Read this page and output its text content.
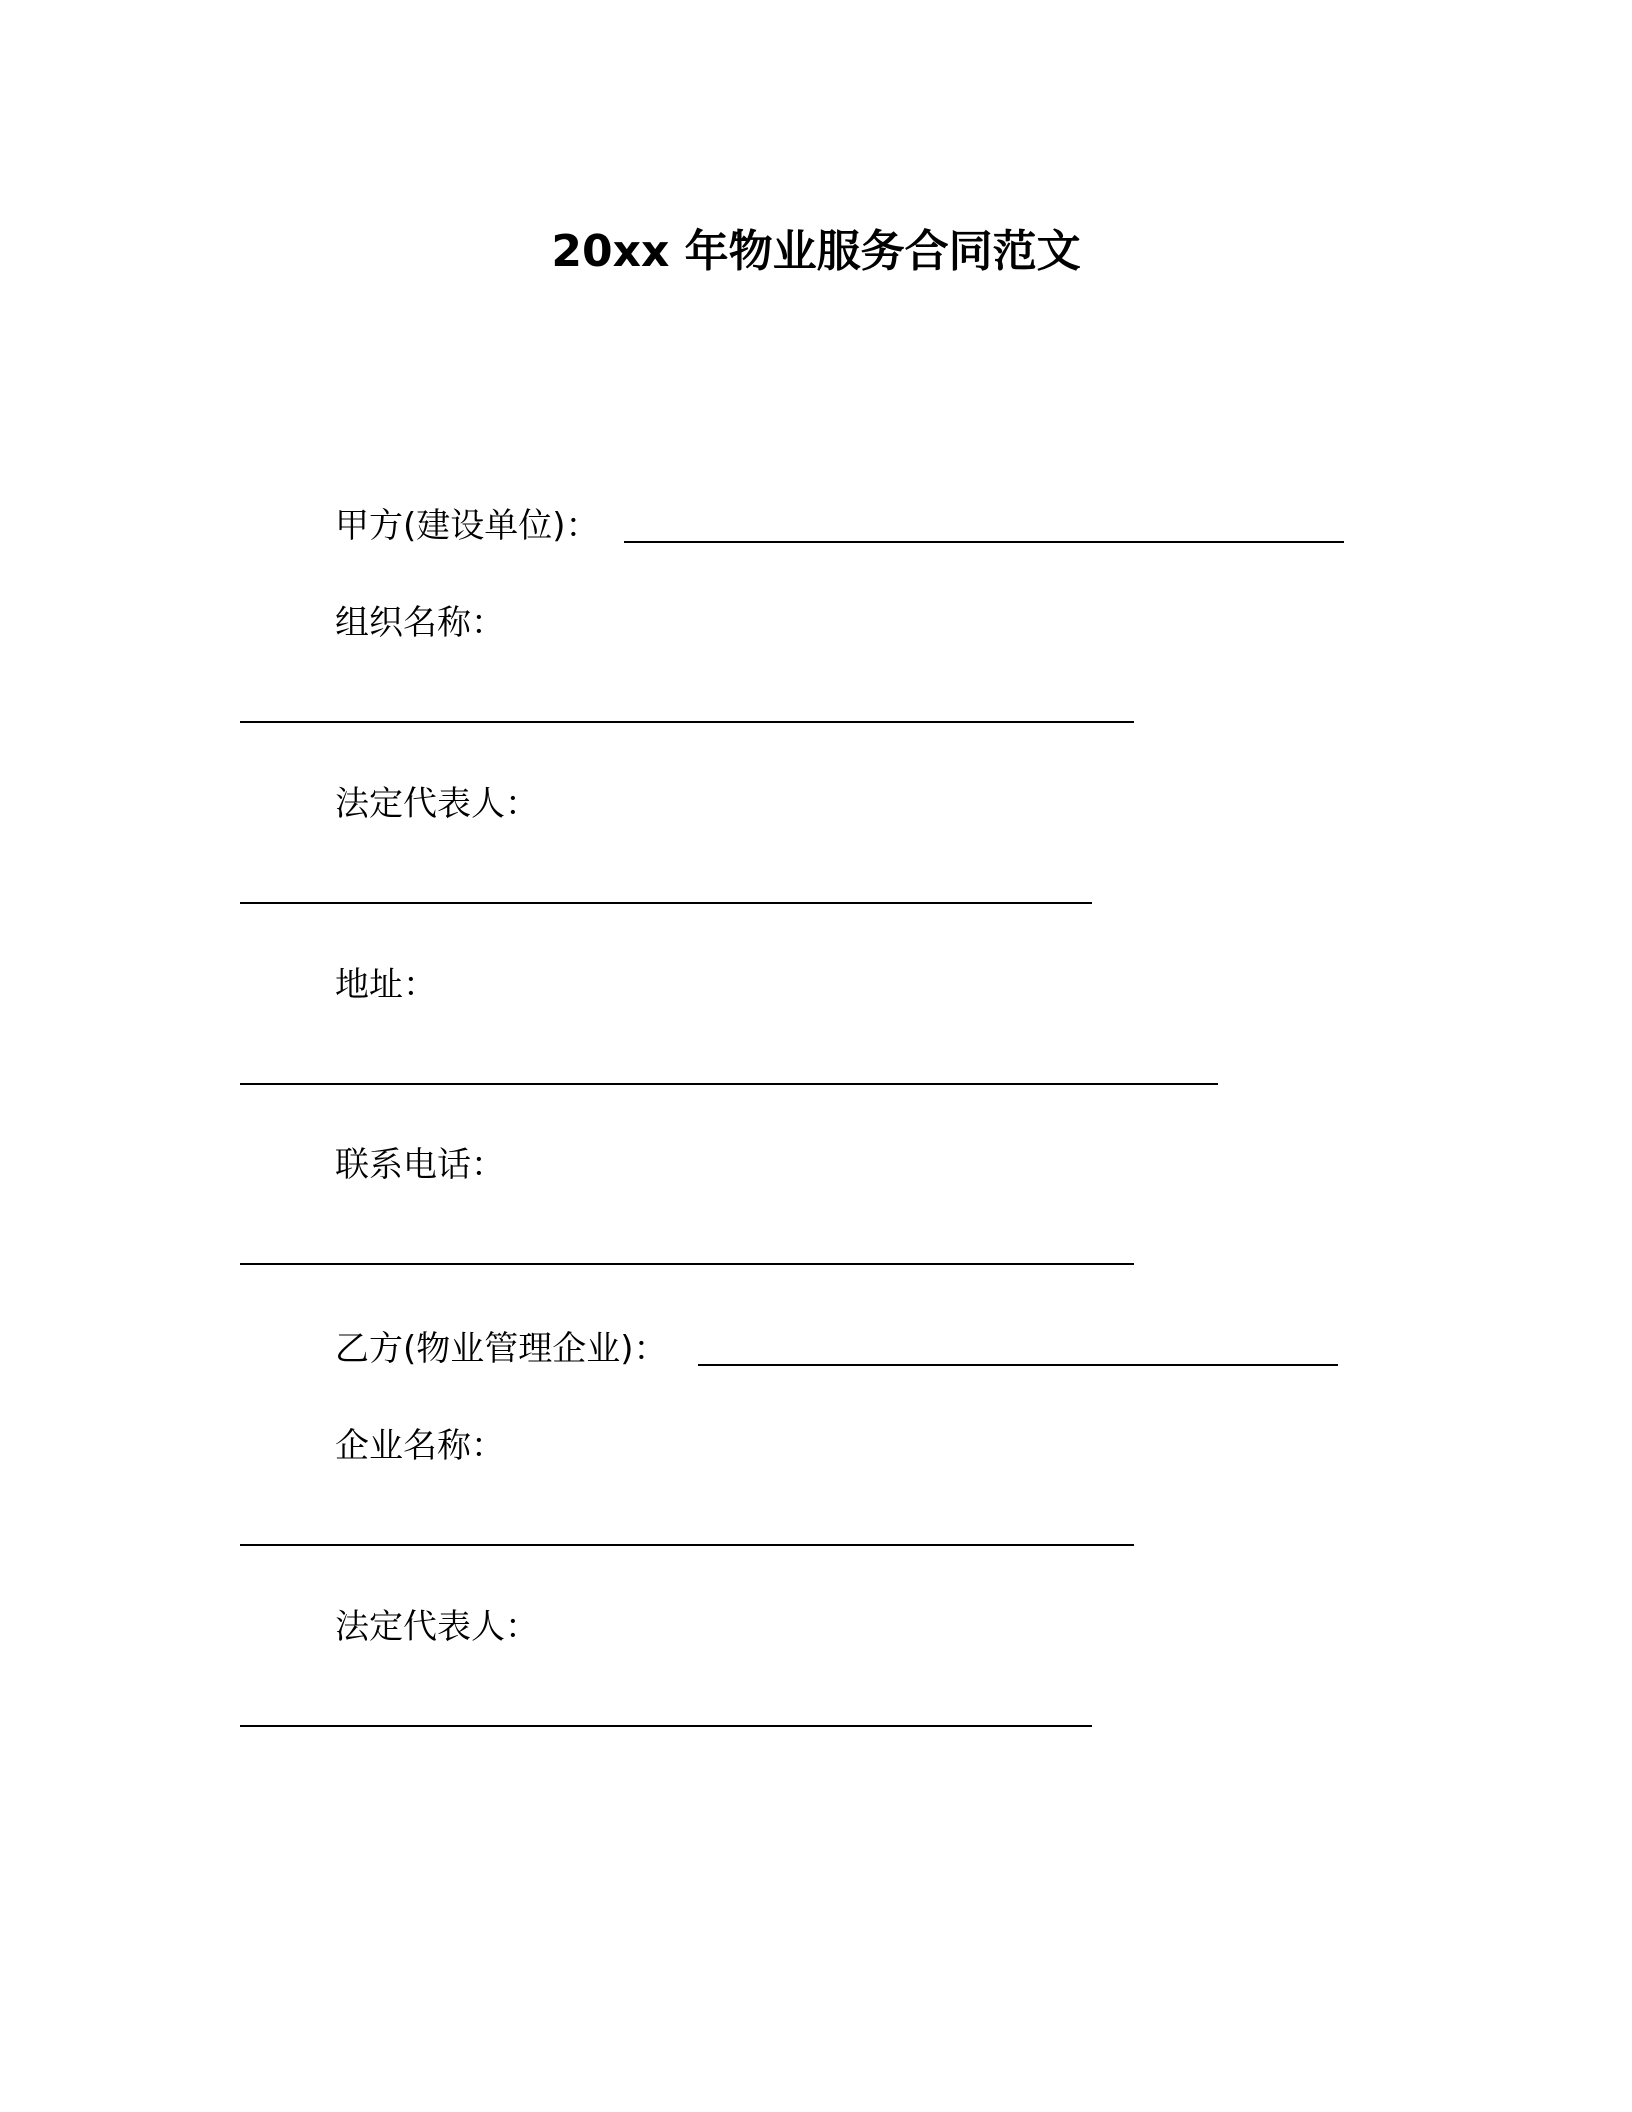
20xx 年物业服务合同范文
甲方(建设单位)：
组织名称：
法定代表人：
地址：
联系电话：
乙方(物业管理企业)：
企业名称：
法定代表人：
